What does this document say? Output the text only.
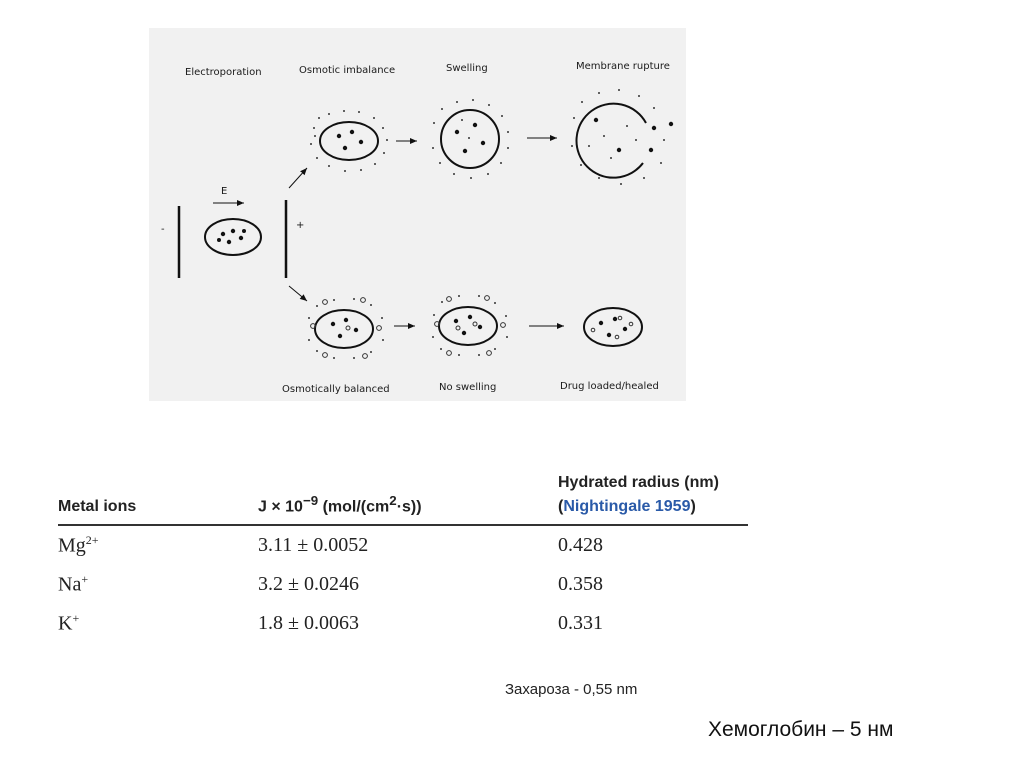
Electroporation	Osmotic imbalance	Swelling	Membrane rupture
-	+
E
Osmotically balanced	No swelling	Drug loaded/healed
Metal ions	$J \times 10^{-9}$ $(mol/(cm^2\cdot s))$	Hydrated radius (nm)
(Nightingale 1959)
$Mg^{2+}$	3.11 ± 0.0052	0.428
Na+	3.2 ± 0.0246	0.358
K+	1.8 ± 0.0063	0.331
Захароза - 0,55 nm
Хемоглобин – 5 нм
